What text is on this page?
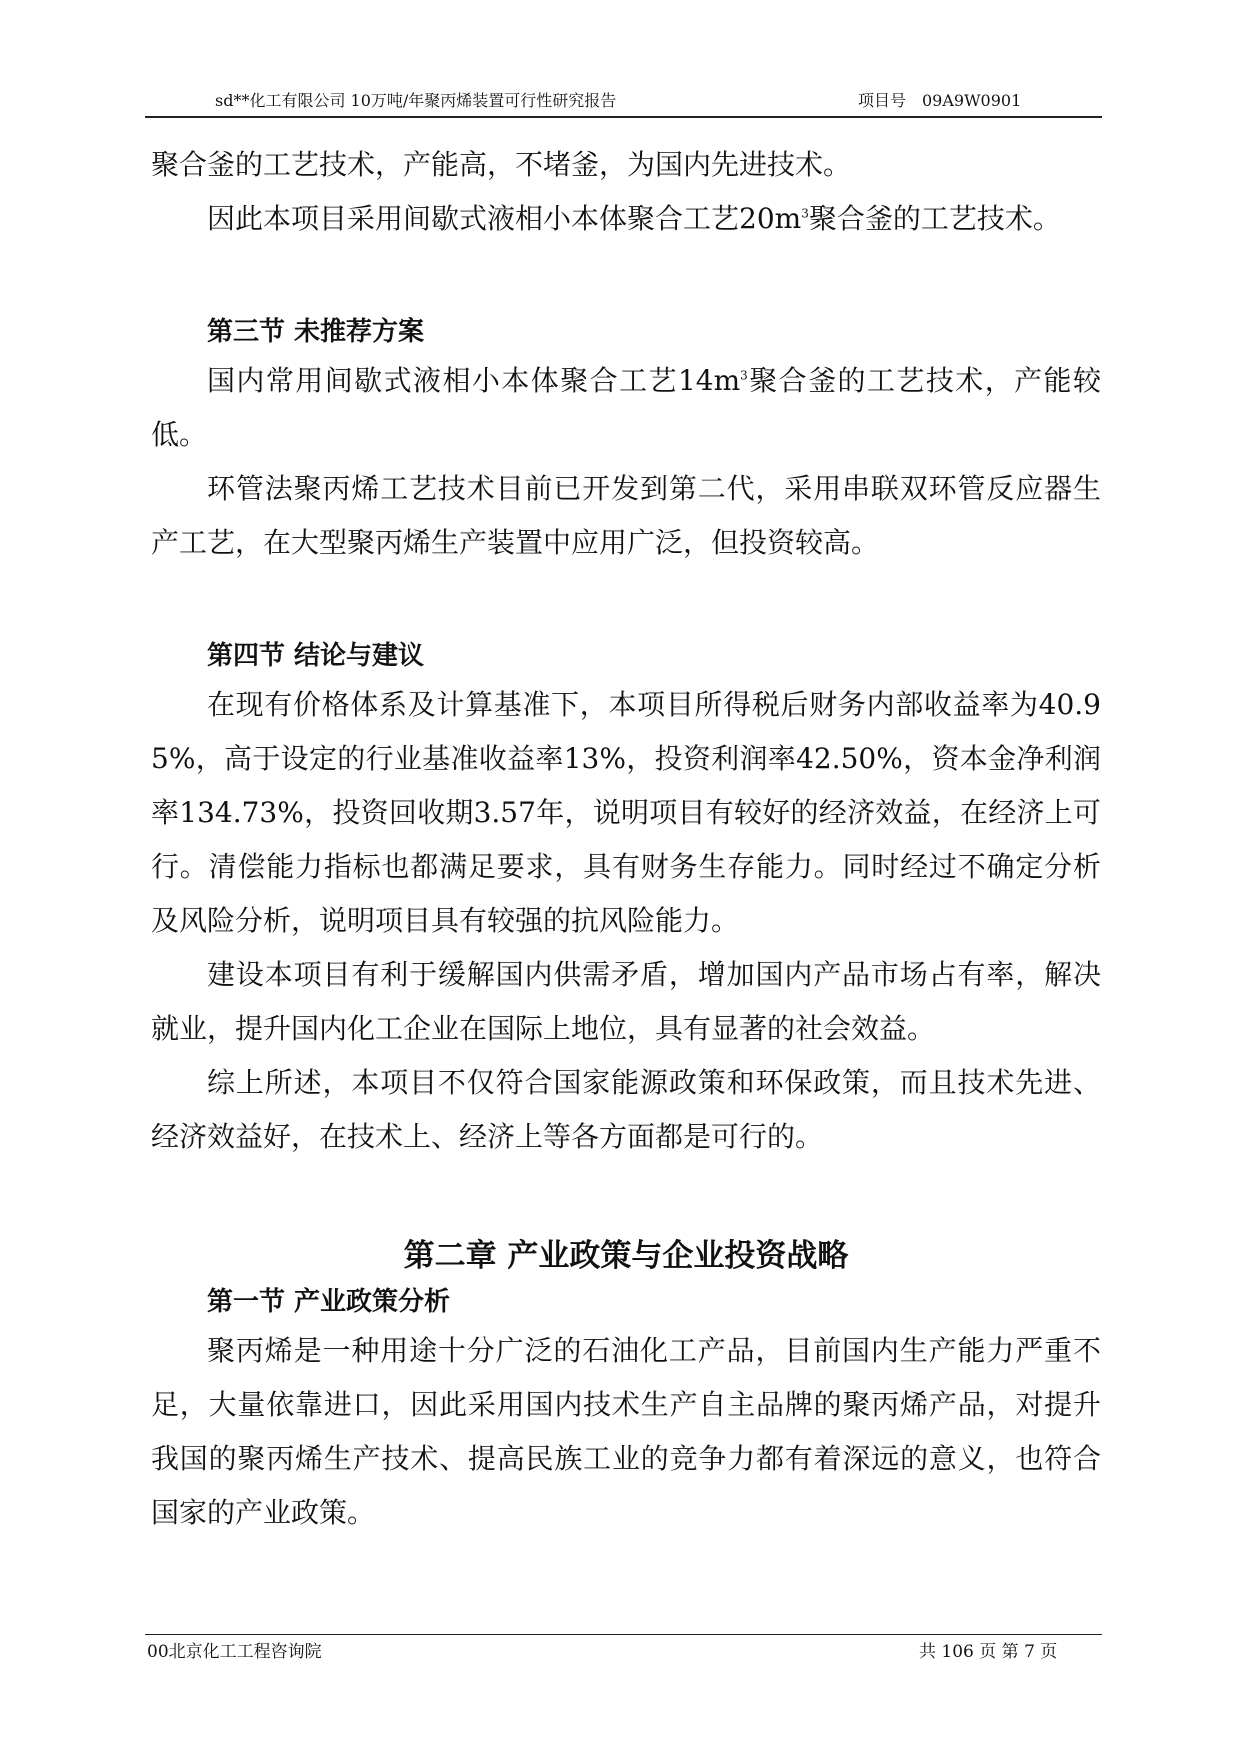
sd**化工有限公司 10万吨/年聚丙烯装置可行性研究报告	项目号　09A9W0901

聚合釜的工艺技术，产能高，不堵釜，为国内先进技术。

因此本项目采用间歇式液相小本体聚合工艺$20m^3$聚合釜的工艺技术。

第三节 未推荐方案

国内常用间歇式液相小本体聚合工艺$14m^3$聚合釜的工艺技术，产能较低。

环管法聚丙烯工艺技术目前已开发到第二代，采用串联双环管反应器生产工艺，在大型聚丙烯生产装置中应用广泛，但投资较高。

第四节 结论与建议

在现有价格体系及计算基准下，本项目所得税后财务内部收益率为40.95%，高于设定的行业基准收益率13%，投资利润率42.50%，资本金净利润率134.73%，投资回收期3.57年，说明项目有较好的经济效益，在经济上可行。清偿能力指标也都满足要求，具有财务生存能力。同时经过不确定分析及风险分析，说明项目具有较强的抗风险能力。

建设本项目有利于缓解国内供需矛盾，增加国内产品市场占有率，解决就业，提升国内化工企业在国际上地位，具有显著的社会效益。

综上所述，本项目不仅符合国家能源政策和环保政策，而且技术先进、经济效益好，在技术上、经济上等各方面都是可行的。

第二章 产业政策与企业投资战略
第一节 产业政策分析

聚丙烯是一种用途十分广泛的石油化工产品，目前国内生产能力严重不足，大量依靠进口，因此采用国内技术生产自主品牌的聚丙烯产品，对提升我国的聚丙烯生产技术、提高民族工业的竞争力都有着深远的意义，也符合国家的产业政策。

00北京化工工程咨询院	共 106 页 第 7 页
